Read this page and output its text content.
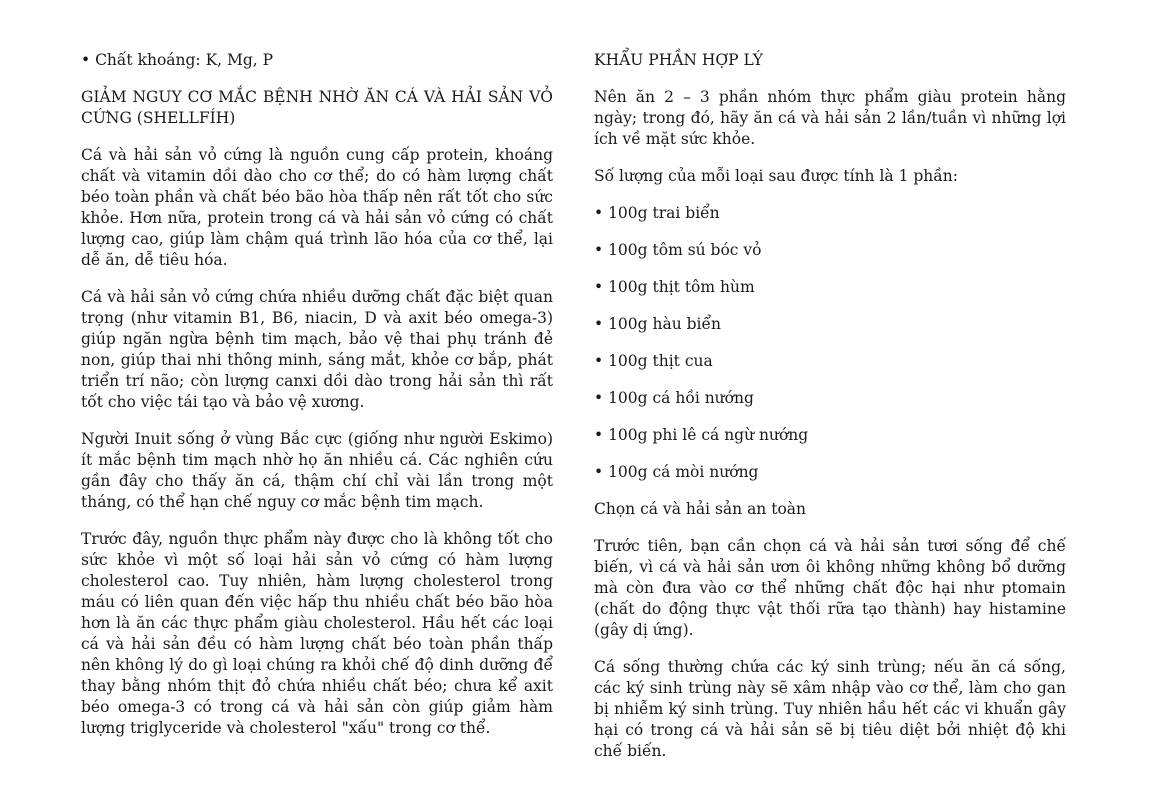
• Chất khoáng: K, Mg, P

GIẢM NGUY CƠ MẮC BỆNH NHỜ ĂN CÁ VÀ HẢI SẢN VỎ CỨNG (SHELLFÍH)

Cá và hải sản vỏ cứng là nguồn cung cấp protein, khoáng chất và vitamin dồi dào cho cơ thể; do có hàm lượng chất béo toàn phần và chất béo bão hòa thấp nên rất tốt cho sức khỏe. Hơn nữa, protein trong cá và hải sản vỏ cứng có chất lượng cao, giúp làm chậm quá trình lão hóa của cơ thể, lại dễ ăn, dễ tiêu hóa.

Cá và hải sản vỏ cứng chứa nhiều dưỡng chất đặc biệt quan trọng (như vitamin B1, B6, niacin, D và axit béo omega-3) giúp ngăn ngừa bệnh tim mạch, bảo vệ thai phụ tránh đẻ non, giúp thai nhi thông minh, sáng mắt, khỏe cơ bắp, phát triển trí não; còn lượng canxi dồi dào trong hải sản thì rất tốt cho việc tái tạo và bảo vệ xương.

Người Inuit sống ở vùng Bắc cực (giống như người Eskimo) ít mắc bệnh tim mạch nhờ họ ăn nhiều cá. Các nghiên cứu gần đây cho thấy ăn cá, thậm chí chỉ vài lần trong một tháng, có thể hạn chế nguy cơ mắc bệnh tim mạch.

Trước đây, nguồn thực phẩm này được cho là không tốt cho sức khỏe vì một số loại hải sản vỏ cứng có hàm lượng cholesterol cao. Tuy nhiên, hàm lượng cholesterol trong máu có liên quan đến việc hấp thu nhiều chất béo bão hòa hơn là ăn các thực phẩm giàu cholesterol. Hầu hết các loại cá và hải sản đều có hàm lượng chất béo toàn phần thấp nên không lý do gì loại chúng ra khỏi chế độ dinh dưỡng để thay bằng nhóm thịt đỏ chứa nhiều chất béo; chưa kể axit béo omega-3 có trong cá và hải sản còn giúp giảm hàm lượng triglyceride và cholesterol "xấu" trong cơ thể.

KHẨU PHẦN HỢP LÝ

Nên ăn 2 – 3 phần nhóm thực phẩm giàu protein hằng ngày; trong đó, hãy ăn cá và hải sản 2 lần/tuần vì những lợi ích về mặt sức khỏe.

Số lượng của mỗi loại sau được tính là 1 phần:

• 100g trai biển

• 100g tôm sú bóc vỏ

• 100g thịt tôm hùm

• 100g hàu biển

• 100g thịt cua

• 100g cá hồi nướng

• 100g phi lê cá ngừ nướng

• 100g cá mòi nướng

Chọn cá và hải sản an toàn

Trước tiên, bạn cần chọn cá và hải sản tươi sống để chế biến, vì cá và hải sản ươn ôi không những không bổ dưỡng mà còn đưa vào cơ thể những chất độc hại như ptomain (chất do động thực vật thối rữa tạo thành) hay histamine (gây dị ứng).

Cá sống thường chứa các ký sinh trùng; nếu ăn cá sống, các ký sinh trùng này sẽ xâm nhập vào cơ thể, làm cho gan bị nhiễm ký sinh trùng. Tuy nhiên hầu hết các vi khuẩn gây hại có trong cá và hải sản sẽ bị tiêu diệt bởi nhiệt độ khi chế biến.
